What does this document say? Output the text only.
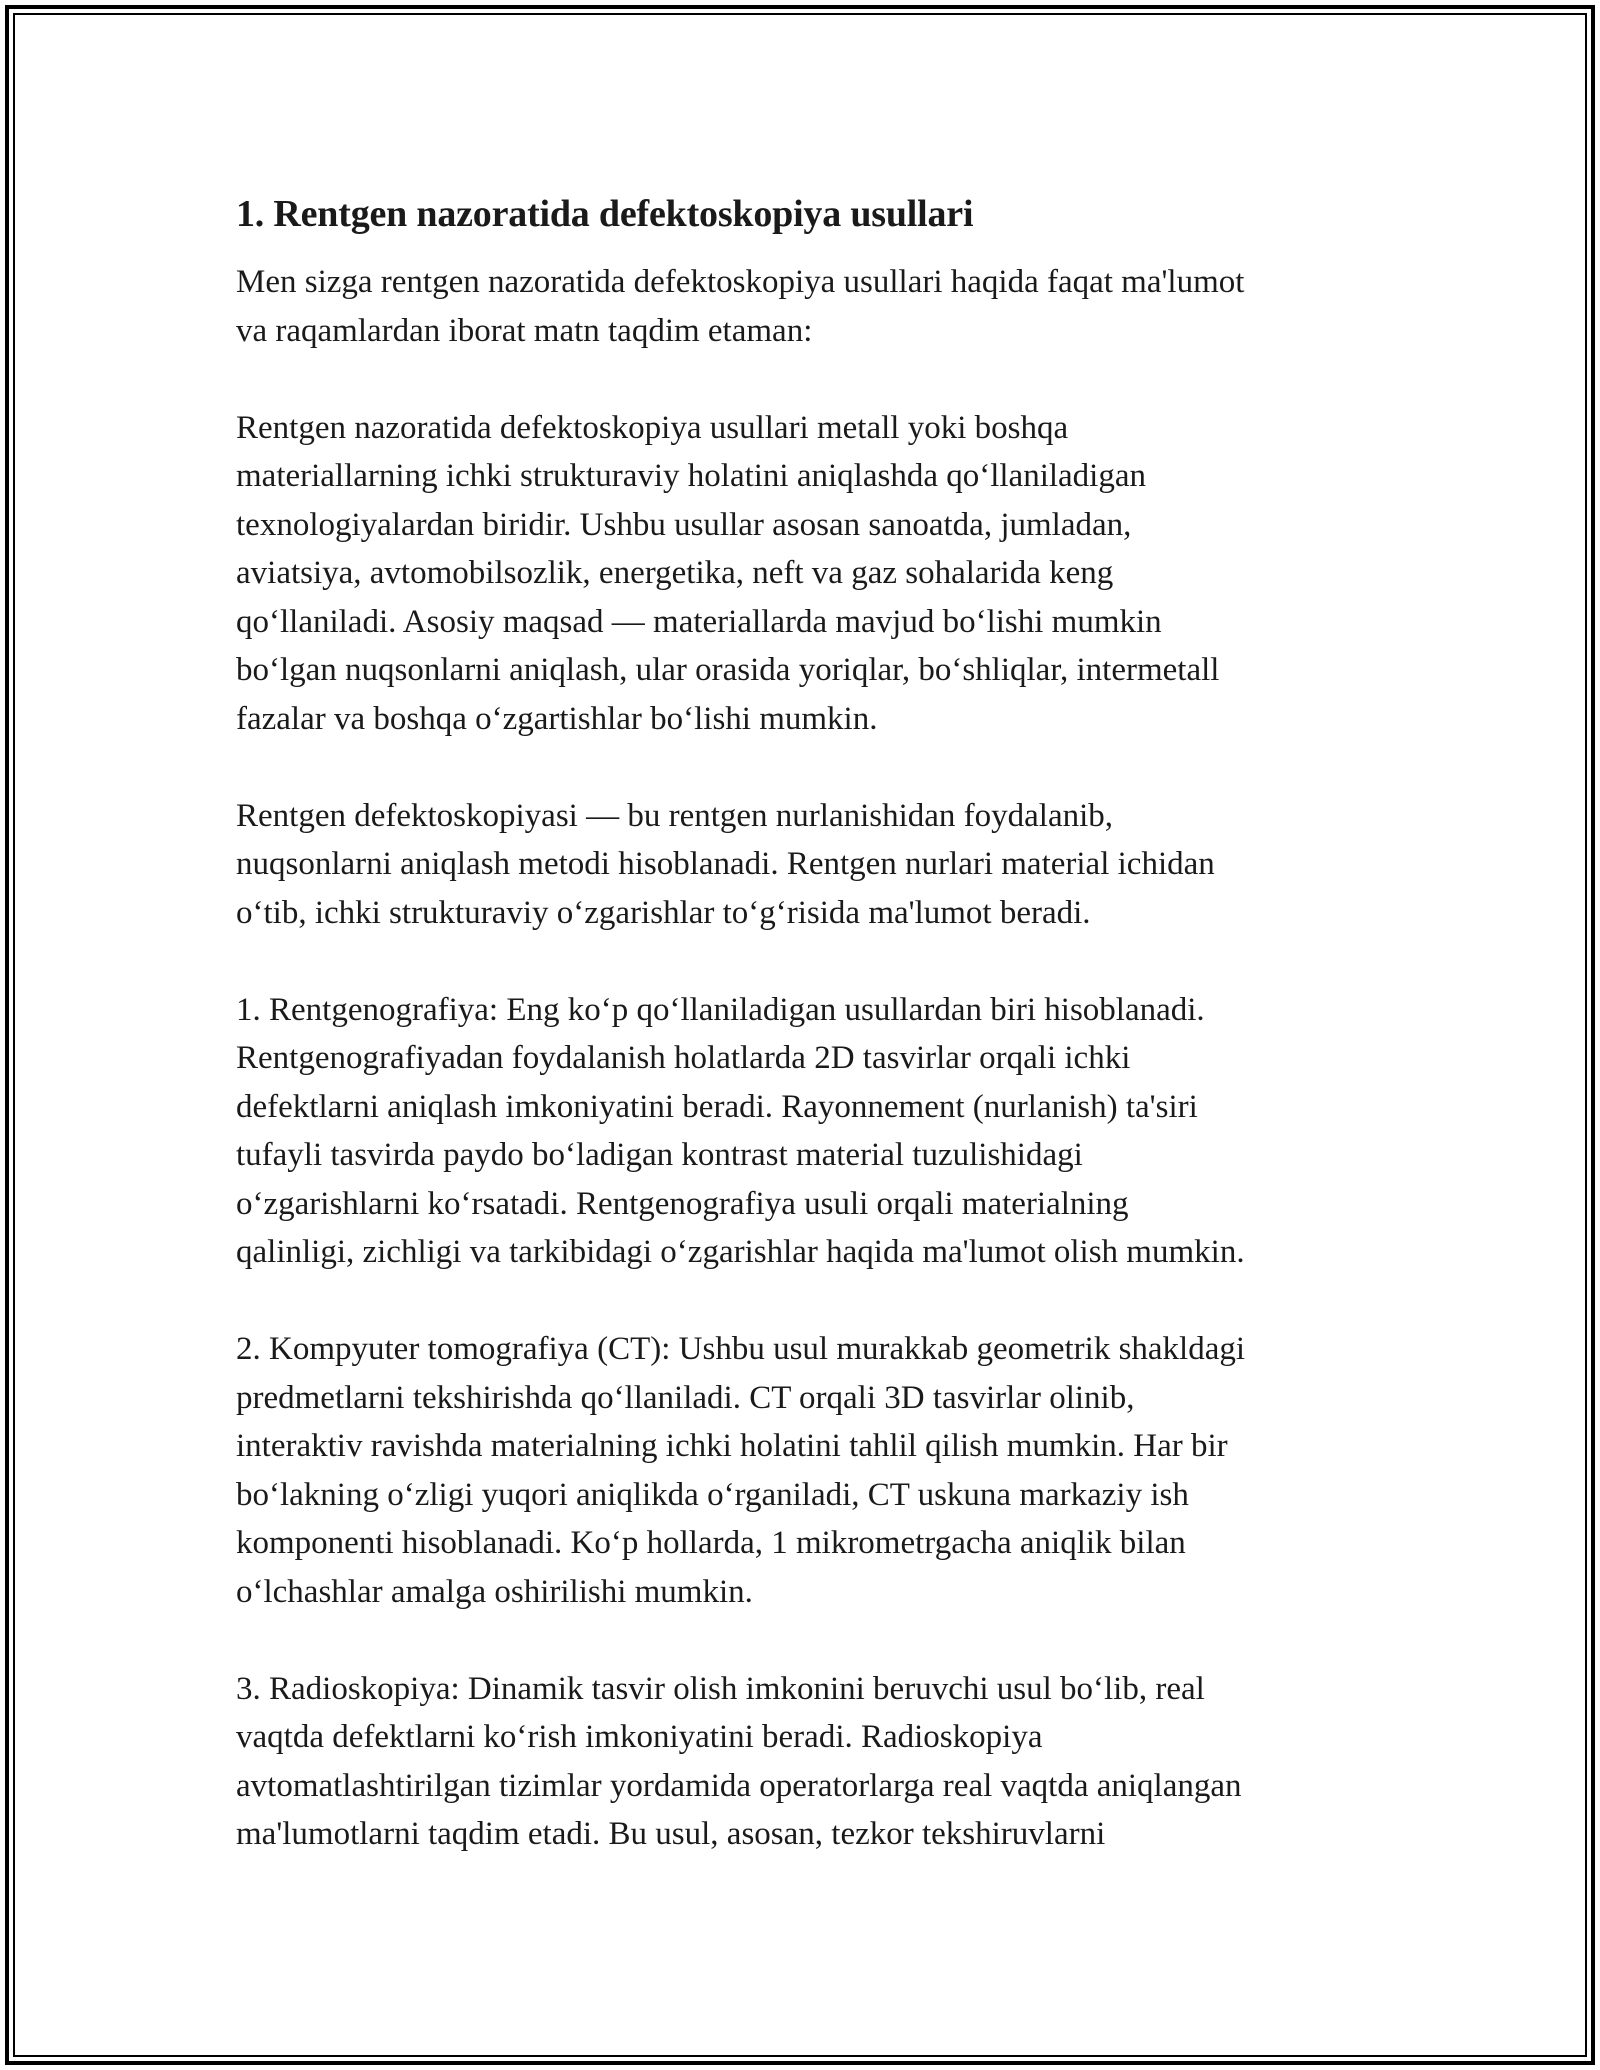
1. Rentgen nazoratida defektoskopiya usullari

Men sizga rentgen nazoratida defektoskopiya usullari haqida faqat ma'lumot
va raqamlardan iborat matn taqdim etaman:

Rentgen nazoratida defektoskopiya usullari metall yoki boshqa
materiallarning ichki strukturaviy holatini aniqlashda qoʻllaniladigan
texnologiyalardan biridir. Ushbu usullar asosan sanoatda, jumladan,
aviatsiya, avtomobilsozlik, energetika, neft va gaz sohalarida keng
qoʻllaniladi. Asosiy maqsad — materiallarda mavjud boʻlishi mumkin
boʻlgan nuqsonlarni aniqlash, ular orasida yoriqlar, boʻshliqlar, intermetall
fazalar va boshqa oʻzgartishlar boʻlishi mumkin.

Rentgen defektoskopiyasi — bu rentgen nurlanishidan foydalanib,
nuqsonlarni aniqlash metodi hisoblanadi. Rentgen nurlari material ichidan
oʻtib, ichki strukturaviy oʻzgarishlar toʻgʻrisida ma'lumot beradi.

1. Rentgenografiya: Eng koʻp qoʻllaniladigan usullardan biri hisoblanadi.
Rentgenografiyadan foydalanish holatlarda 2D tasvirlar orqali ichki
defektlarni aniqlash imkoniyatini beradi. Rayonnement (nurlanish) ta'siri
tufayli tasvirda paydo boʻladigan kontrast material tuzulishidagi
oʻzgarishlarni koʻrsatadi. Rentgenografiya usuli orqali materialning
qalinligi, zichligi va tarkibidagi oʻzgarishlar haqida ma'lumot olish mumkin.

2. Kompyuter tomografiya (CT): Ushbu usul murakkab geometrik shakldagi
predmetlarni tekshirishda qoʻllaniladi. CT orqali 3D tasvirlar olinib,
interaktiv ravishda materialning ichki holatini tahlil qilish mumkin. Har bir
boʻlakning oʻzligi yuqori aniqlikda oʻrganiladi, CT uskuna markaziy ish
komponenti hisoblanadi. Koʻp hollarda, 1 mikrometrgacha aniqlik bilan
oʻlchashlar amalga oshirilishi mumkin.

3. Radioskopiya: Dinamik tasvir olish imkonini beruvchi usul boʻlib, real
vaqtda defektlarni koʻrish imkoniyatini beradi. Radioskopiya
avtomatlashtirilgan tizimlar yordamida operatorlarga real vaqtda aniqlangan
ma'lumotlarni taqdim etadi. Bu usul, asosan, tezkor tekshiruvlarni
